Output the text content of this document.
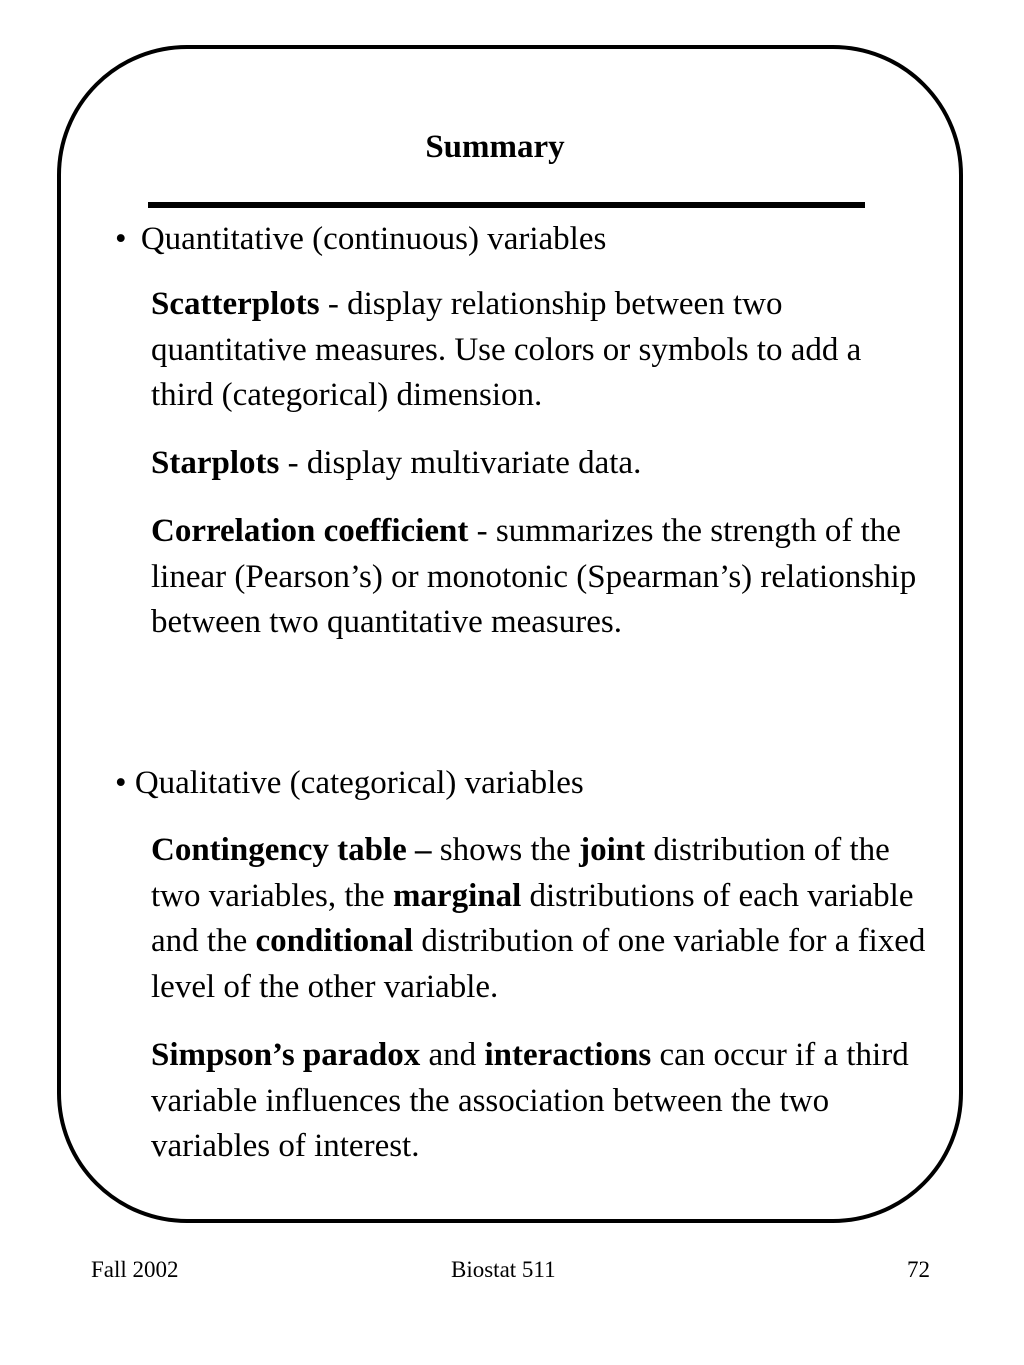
Summary
• Quantitative (continuous) variables
Scatterplots - display relationship between two quantitative measures. Use colors or symbols to add a third (categorical) dimension.
Starplots - display multivariate data.
Correlation coefficient - summarizes the strength of the linear (Pearson’s) or monotonic (Spearman’s) relationship between two quantitative measures.
• Qualitative (categorical) variables
Contingency table – shows the joint distribution of the two variables, the marginal distributions of each variable and the conditional distribution of one variable for a fixed level of the other variable.
Simpson’s paradox and interactions can occur if a third variable influences the association between the two variables of interest.
Fall 2002	Biostat 511	72
